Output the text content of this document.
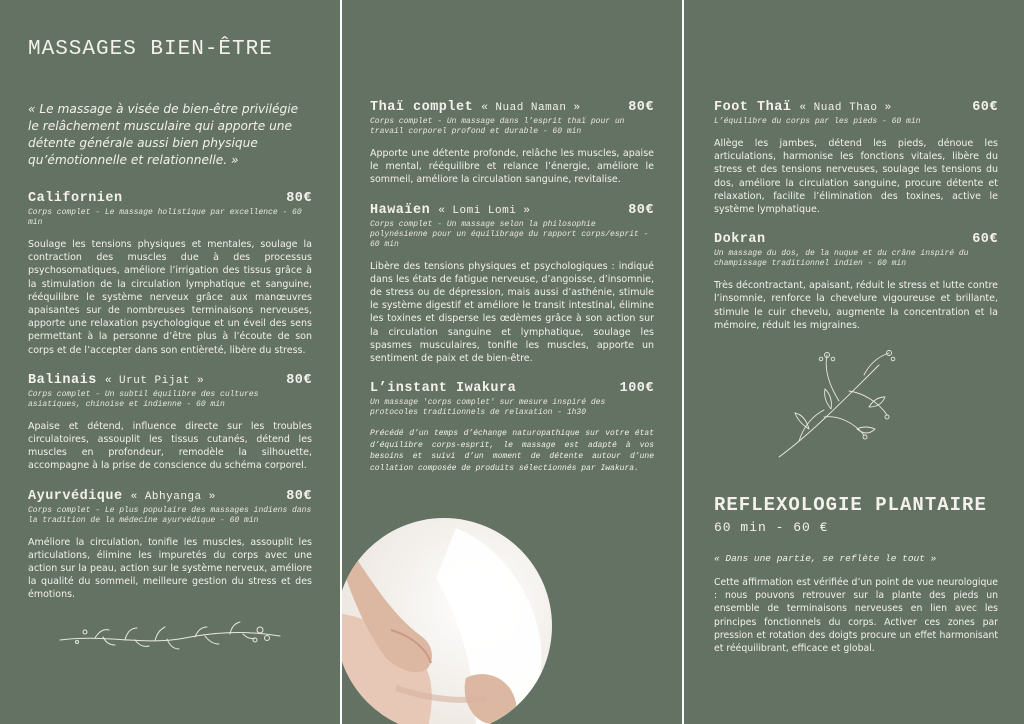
MASSAGES BIEN-ÊTRE

« Le massage à visée de bien-être privilégie le relâchement musculaire qui apporte une détente générale aussi bien physique qu’émotionnelle et relationnelle. »

Californien	80€
Corps complet - Le massage holistique par excellence - 60 min

Soulage les tensions physiques et mentales, soulage la contraction des muscles due à des processus psychosomatiques, améliore l’irrigation des tissus grâce à la stimulation de la circulation lymphatique et sanguine, rééquilibre le système nerveux grâce aux manœuvres apaisantes sur de nombreuses terminaisons nerveuses, apporte une relaxation psychologique et un éveil des sens permettant à la personne d’être plus à l’écoute de son corps et de l’accepter dans son entièreté, libère du stress.

Balinais « Urut Pijat »	80€
Corps complet - Un subtil équilibre des cultures asiatiques, chinoise et indienne - 60 min

Apaise et détend, influence directe sur les troubles circulatoires, assouplit les tissus cutanés, détend les muscles en profondeur, remodèle la silhouette, accompagne à la prise de conscience du schéma corporel.

Ayurvédique « Abhyanga »	80€
Corps complet - Le plus populaire des massages indiens dans la tradition de la médecine ayurvédique - 60 min

Améliore la circulation, tonifie les muscles, assouplit les articulations, élimine les impuretés du corps avec une action sur la peau, action sur le système nerveux, améliore la qualité du sommeil, meilleure gestion du stress et des émotions.

Thaï complet « Nuad Naman »	80€
Corps complet - Un massage dans l’esprit thaï pour un travail corporel profond et durable - 60 min

Apporte une détente profonde, relâche les muscles, apaise le mental, rééquilibre et relance l’énergie, améliore le sommeil, améliore la circulation sanguine, revitalise.

Hawaïen « Lomi Lomi »	80€
Corps complet - Un massage selon la philosophie polynésienne pour un équilibrage du rapport corps/esprit - 60 min

Libère des tensions physiques et psychologiques : indiqué dans les états de fatigue nerveuse, d’angoisse, d’insomnie, de stress ou de dépression, mais aussi d’asthénie, stimule le système digestif et améliore le transit intestinal, élimine les toxines et disperse les œdèmes grâce à son action sur la circulation sanguine et lymphatique, soulage les spasmes musculaires, tonifie les muscles, apporte un sentiment de paix et de bien-être.

L’instant Iwakura	100€
Un massage 'corps complet' sur mesure inspiré des protocoles traditionnels de relaxation - 1h30

Précédé d’un temps d’échange naturopathique sur votre état d’équilibre corps-esprit, le massage est adapté à vos besoins et suivi d’un moment de détente autour d’une collation composée de produits sélectionnés par Iwakura.

Foot Thaï « Nuad Thao »	60€
L’équilibre du corps par les pieds - 60 min

Allège les jambes, détend les pieds, dénoue les articulations, harmonise les fonctions vitales, libère du stress et des tensions nerveuses, soulage les tensions du dos, améliore la circulation sanguine, procure détente et relaxation, facilite l’élimination des toxines, active le système lymphatique.

Dokran	60€
Un massage du dos, de la nuque et du crâne inspiré du champissage traditionnel indien - 60 min

Très décontractant, apaisant, réduit le stress et lutte contre l’insomnie, renforce la chevelure vigoureuse et brillante, stimule le cuir chevelu, augmente la concentration et la mémoire, réduit les migraines.

REFLEXOLOGIE PLANTAIRE
60 min - 60 €
« Dans une partie, se reflète le tout »

Cette affirmation est vérifiée d’un point de vue neurologique : nous pouvons retrouver sur la plante des pieds un ensemble de terminaisons nerveuses en lien avec les principes fonctionnels du corps. Activer ces zones par pression et rotation des doigts procure un effet harmonisant et rééquilibrant, efficace et global.
